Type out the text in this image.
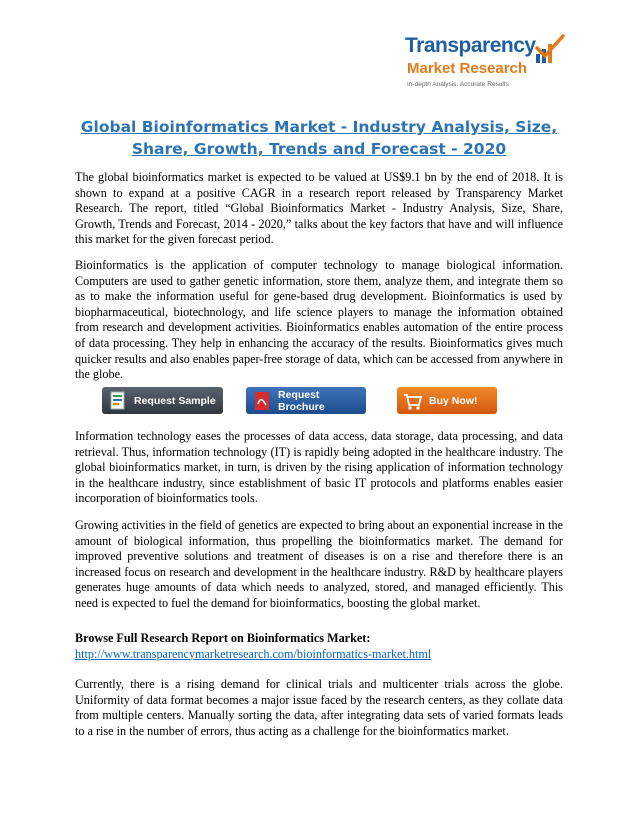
Transparency
Market Research
In-depth Analysis. Accurate Results
Global Bioinformatics Market - Industry Analysis, Size, Share, Growth, Trends and Forecast - 2020

The global bioinformatics market is expected to be valued at US$9.1 bn by the end of 2018. It is shown to expand at a positive CAGR in a research report released by Transparency Market Research. The report, titled “Global Bioinformatics Market - Industry Analysis, Size, Share, Growth, Trends and Forecast, 2014 - 2020,” talks about the key factors that have and will influence this market for the given forecast period.

Bioinformatics is the application of computer technology to manage biological information. Computers are used to gather genetic information, store them, analyze them, and integrate them so as to make the information useful for gene-based drug development. Bioinformatics is used by biopharmaceutical, biotechnology, and life science players to manage the information obtained from research and development activities. Bioinformatics enables automation of the entire process of data processing. They help in enhancing the accuracy of the results. Bioinformatics gives much quicker results and also enables paper-free storage of data, which can be accessed from anywhere in the globe.

Request Sample	Request Brochure	Buy Now!

Information technology eases the processes of data access, data storage, data processing, and data retrieval. Thus, information technology (IT) is rapidly being adopted in the healthcare industry. The global bioinformatics market, in turn, is driven by the rising application of information technology in the healthcare industry, since establishment of basic IT protocols and platforms enables easier incorporation of bioinformatics tools.

Growing activities in the field of genetics are expected to bring about an exponential increase in the amount of biological information, thus propelling the bioinformatics market. The demand for improved preventive solutions and treatment of diseases is on a rise and therefore there is an increased focus on research and development in the healthcare industry. R&D by healthcare players generates huge amounts of data which needs to analyzed, stored, and managed efficiently. This need is expected to fuel the demand for bioinformatics, boosting the global market.

Browse Full Research Report on Bioinformatics Market:
http://www.transparencymarketresearch.com/bioinformatics-market.html

Currently, there is a rising demand for clinical trials and multicenter trials across the globe. Uniformity of data format becomes a major issue faced by the research centers, as they collate data from multiple centers. Manually sorting the data, after integrating data sets of varied formats leads to a rise in the number of errors, thus acting as a challenge for the bioinformatics market.
